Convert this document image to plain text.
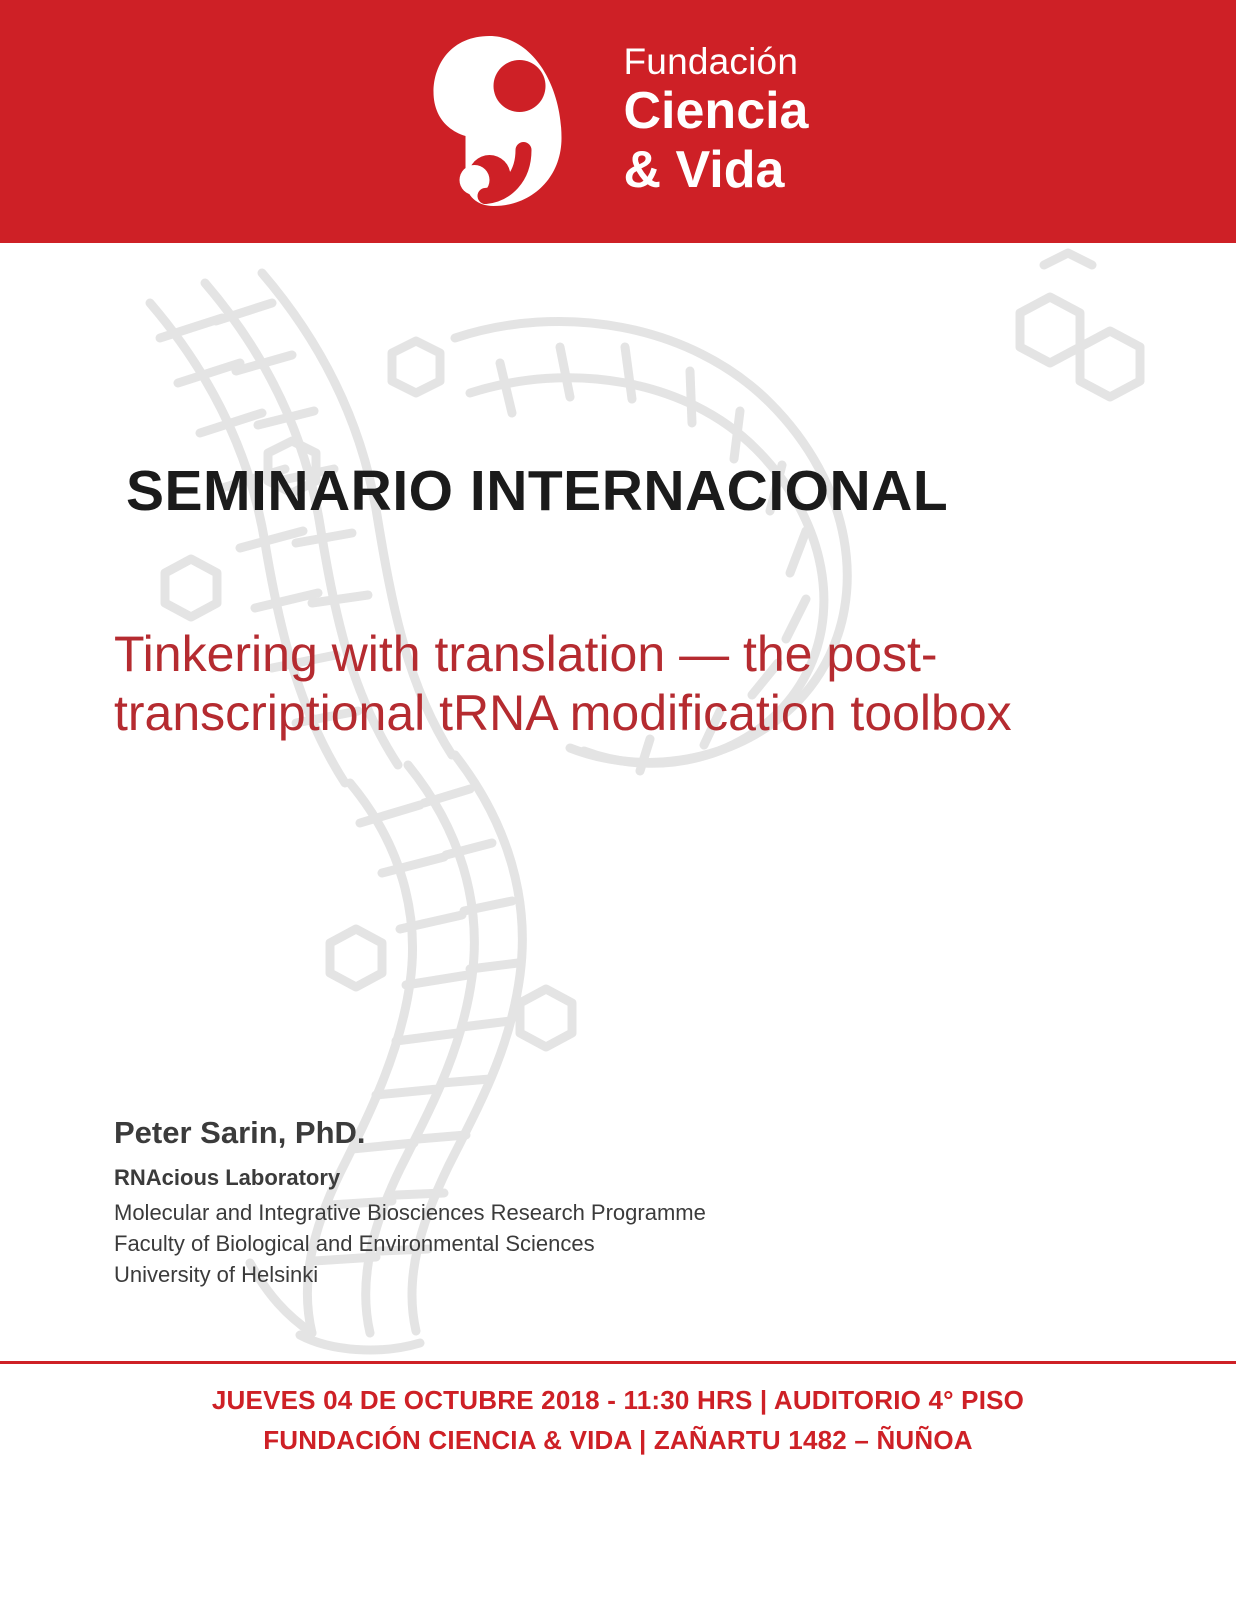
Fundación
Ciencia
& Vida
SEMINARIO INTERNACIONAL
Tinkering with translation — the post-transcriptional tRNA modification toolbox
Peter Sarin, PhD.
RNAcious Laboratory
Molecular and Integrative Biosciences Research Programme
Faculty of Biological and Environmental Sciences
University of Helsinki
JUEVES 04 DE OCTUBRE 2018 - 11:30 HRS | AUDITORIO 4° PISO
FUNDACIÓN CIENCIA & VIDA | ZAÑARTU 1482 – ÑUÑOA
